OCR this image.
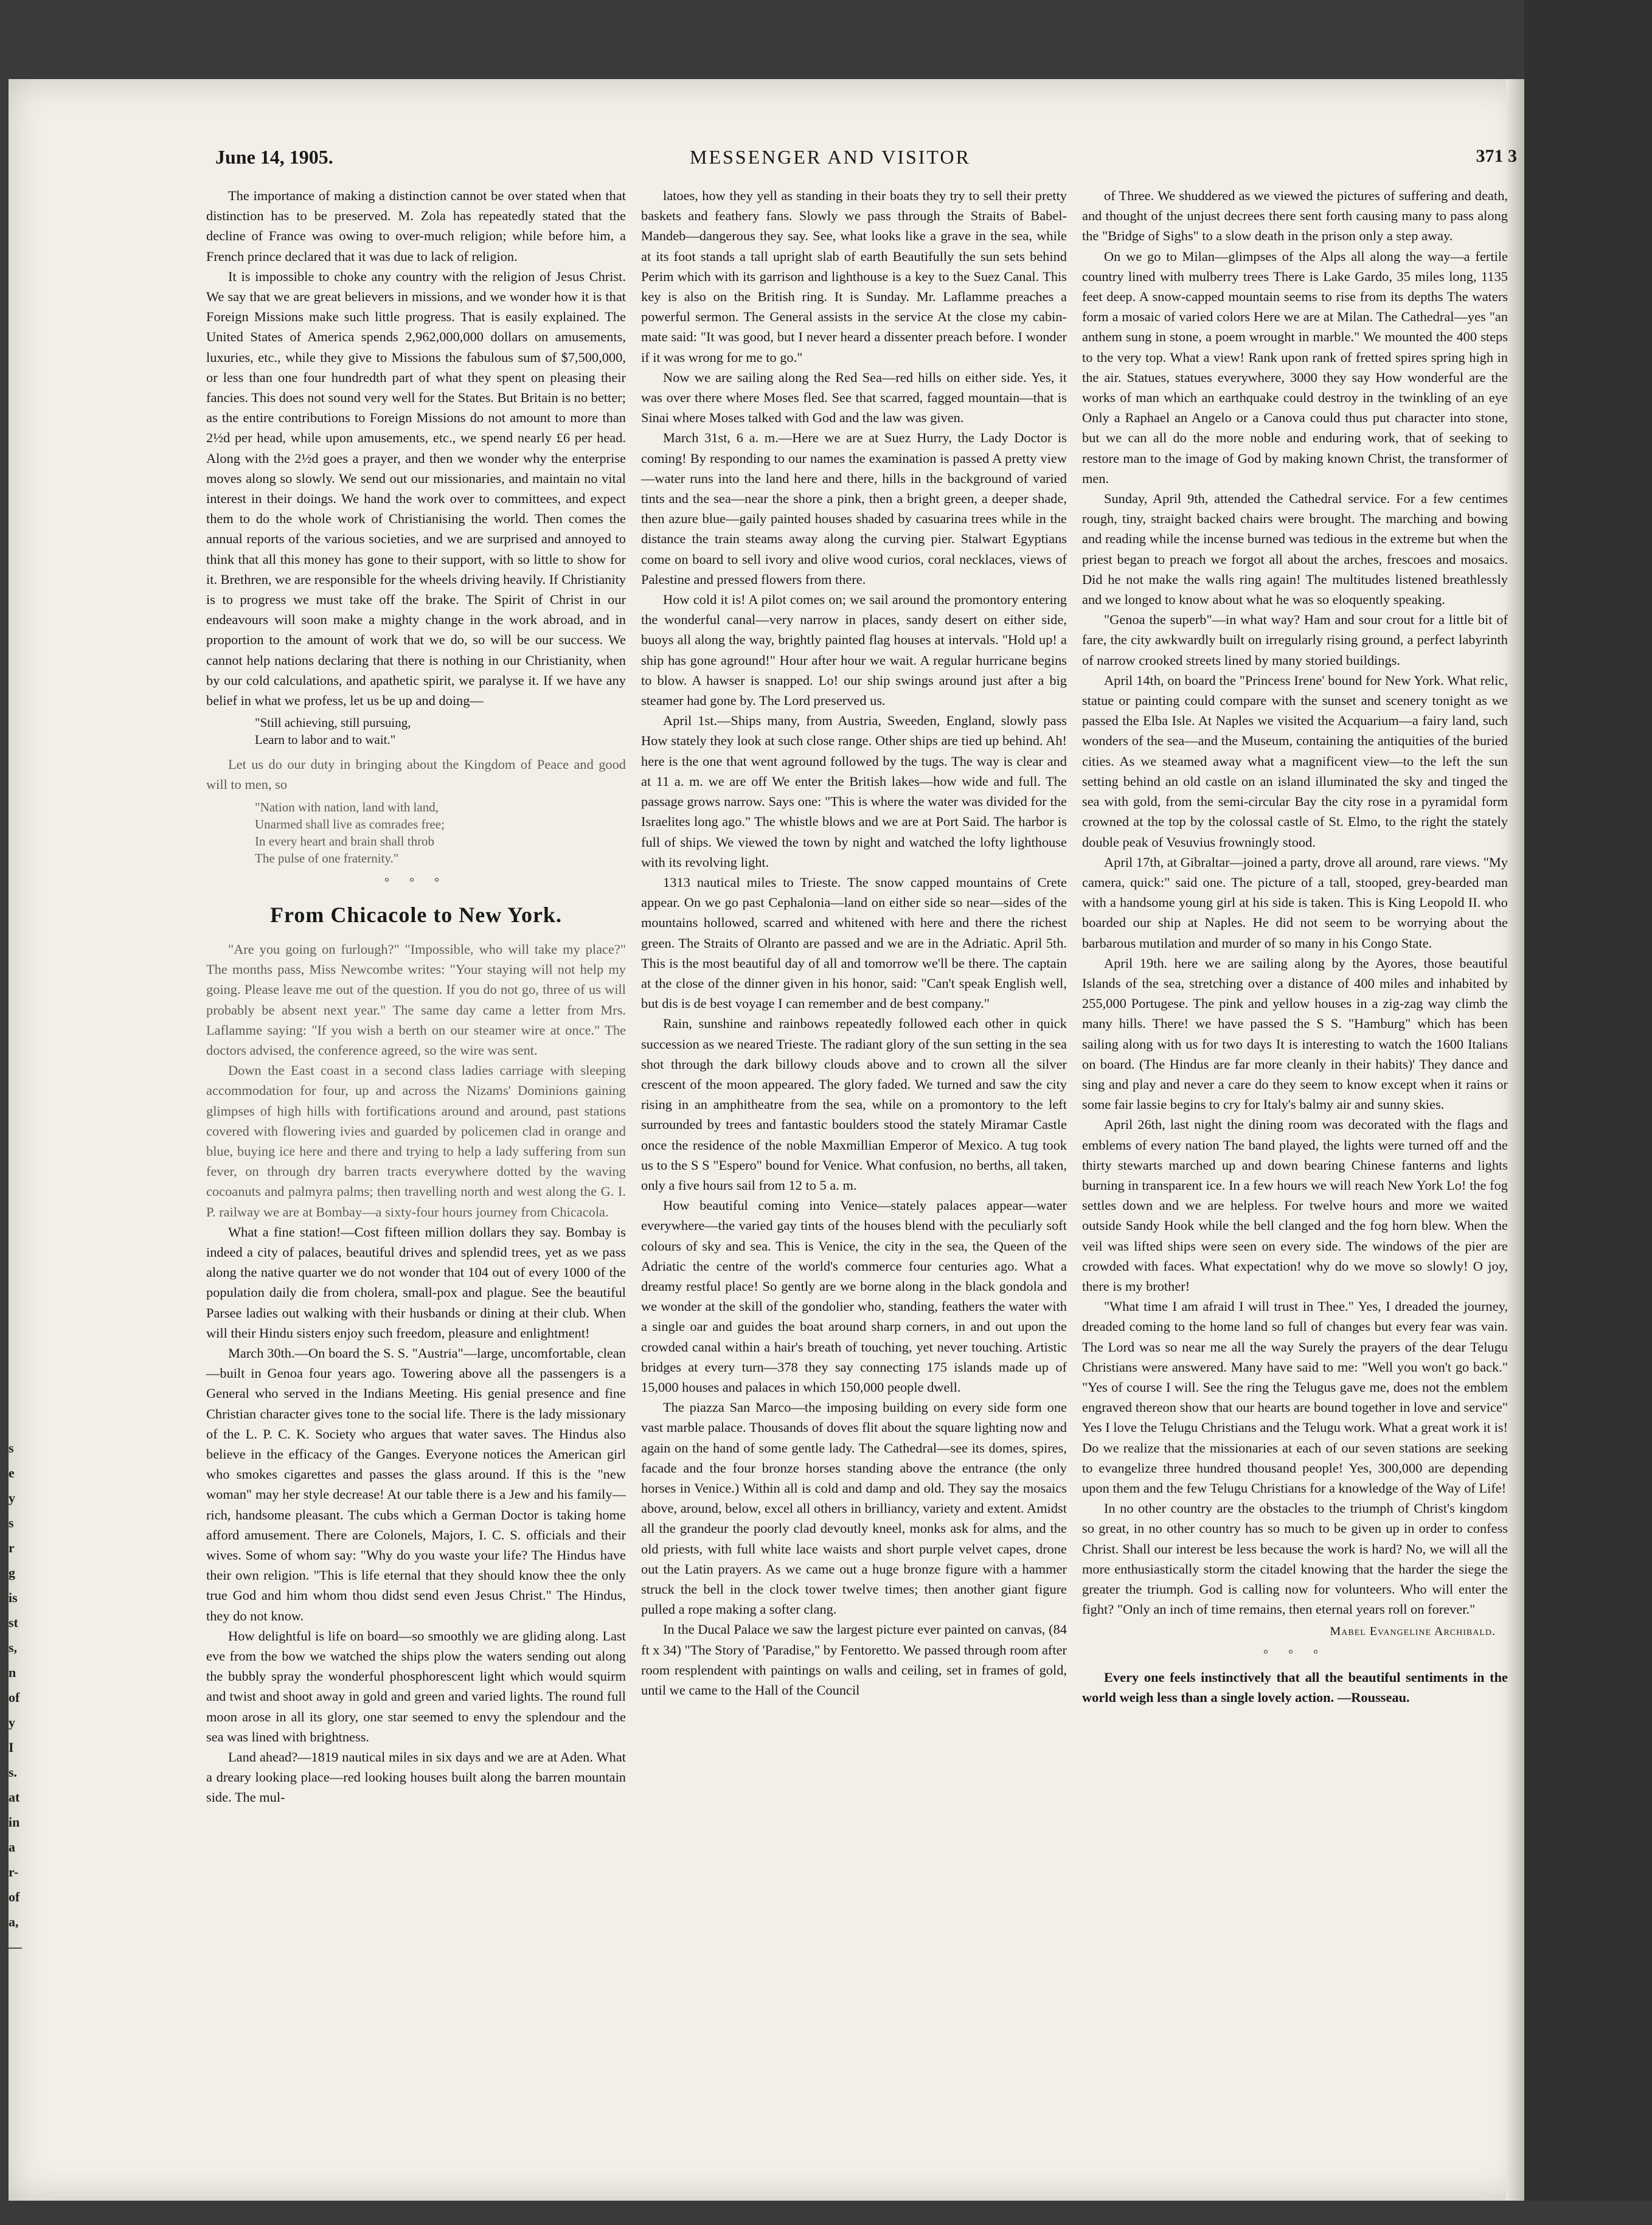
June 14, 1905.	MESSENGER AND VISITOR	371 3

The importance of making a distinction cannot be over stated when that distinction has to be preserved. M. Zola has repeatedly stated that the decline of France was owing to over-much religion; while before him, a French prince declared that it was due to lack of religion.

It is impossible to choke any country with the religion of Jesus Christ. We say that we are great believers in missions, and we wonder how it is that Foreign Missions make such little progress. That is easily explained. The United States of America spends 2,962,000,000 dollars on amusements, luxuries, etc., while they give to Missions the fabulous sum of $7,500,000, or less than one four hundredth part of what they spent on pleasing their fancies. This does not sound very well for the States. But Britain is no better; as the entire contributions to Foreign Missions do not amount to more than 2½d per head, while upon amusements, etc., we spend nearly £6 per head. Along with the 2½d goes a prayer, and then we wonder why the enterprise moves along so slowly. We send out our missionaries, and maintain no vital interest in their doings. We hand the work over to committees, and expect them to do the whole work of Christianising the world. Then comes the annual reports of the various societies, and we are surprised and annoyed to think that all this money has gone to their support, with so little to show for it. Brethren, we are responsible for the wheels driving heavily. If Christianity is to progress we must take off the brake. The Spirit of Christ in our endeavours will soon make a mighty change in the work abroad, and in proportion to the amount of work that we do, so will be our success. We cannot help nations declaring that there is nothing in our Christianity, when by our cold calculations, and apathetic spirit, we paralyse it. If we have any belief in what we profess, let us be up and doing—

"Still achieving, still pursuing,
Learn to labor and to wait."

Let us do our duty in bringing about the Kingdom of Peace and good will to men, so

"Nation with nation, land with land,
Unarmed shall live as comrades free;
In every heart and brain shall throb
The pulse of one fraternity."
° ° °
From Chicacole to New York.

"Are you going on furlough?" "Impossible, who will take my place?" The months pass, Miss Newcombe writes: "Your staying will not help my going. Please leave me out of the question. If you do not go, three of us will probably be absent next year." The same day came a letter from Mrs. Laflamme saying: "If you wish a berth on our steamer wire at once." The doctors advised, the conference agreed, so the wire was sent.

Down the East coast in a second class ladies carriage with sleeping accommodation for four, up and across the Nizams' Dominions gaining glimpses of high hills with fortifications around and around, past stations covered with flowering ivies and guarded by policemen clad in orange and blue, buying ice here and there and trying to help a lady suffering from sun fever, on through dry barren tracts everywhere dotted by the waving cocoanuts and palmyra palms; then travelling north and west along the G. I. P. railway we are at Bombay—a sixty-four hours journey from Chicacola.

What a fine station!—Cost fifteen million dollars they say. Bombay is indeed a city of palaces, beautiful drives and splendid trees, yet as we pass along the native quarter we do not wonder that 104 out of every 1000 of the population daily die from cholera, small-pox and plague. See the beautiful Parsee ladies out walking with their husbands or dining at their club. When will their Hindu sisters enjoy such freedom, pleasure and enlightment!

March 30th.—On board the S. S. "Austria"—large, uncomfortable, clean—built in Genoa four years ago. Towering above all the passengers is a General who served in the Indians Meeting. His genial presence and fine Christian character gives tone to the social life. There is the lady missionary of the L. P. C. K. Society who argues that water saves. The Hindus also believe in the efficacy of the Ganges. Everyone notices the American girl who smokes cigarettes and passes the glass around. If this is the "new woman" may her style decrease! At our table there is a Jew and his family—rich, handsome pleasant. The cubs which a German Doctor is taking home afford amusement. There are Colonels, Majors, I. C. S. officials and their wives. Some of whom say: "Why do you waste your life? The Hindus have their own religion. "This is life eternal that they should know thee the only true God and him whom thou didst send even Jesus Christ." The Hindus, they do not know.

How delightful is life on board—so smoothly we are gliding along. Last eve from the bow we watched the ships plow the waters sending out along the bubbly spray the wonderful phosphorescent light which would squirm and twist and shoot away in gold and green and varied lights. The round full moon arose in all its glory, one star seemed to envy the splendour and the sea was lined with brightness.

Land ahead?—1819 nautical miles in six days and we are at Aden. What a dreary looking place—red looking houses built along the barren mountain side. The mul-

latoes, how they yell as standing in their boats they try to sell their pretty baskets and feathery fans. Slowly we pass through the Straits of Babel-Mandeb—dangerous they say. See, what looks like a grave in the sea, while at its foot stands a tall upright slab of earth Beautifully the sun sets behind Perim which with its garrison and lighthouse is a key to the Suez Canal. This key is also on the British ring. It is Sunday. Mr. Laflamme preaches a powerful sermon. The General assists in the service At the close my cabin-mate said: "It was good, but I never heard a dissenter preach before. I wonder if it was wrong for me to go."

Now we are sailing along the Red Sea—red hills on either side. Yes, it was over there where Moses fled. See that scarred, fagged mountain—that is Sinai where Moses talked with God and the law was given.

March 31st, 6 a. m.—Here we are at Suez Hurry, the Lady Doctor is coming! By responding to our names the examination is passed A pretty view—water runs into the land here and there, hills in the background of varied tints and the sea—near the shore a pink, then a bright green, a deeper shade, then azure blue—gaily painted houses shaded by casuarina trees while in the distance the train steams away along the curving pier. Stalwart Egyptians come on board to sell ivory and olive wood curios, coral necklaces, views of Palestine and pressed flowers from there.

How cold it is! A pilot comes on; we sail around the promontory entering the wonderful canal—very narrow in places, sandy desert on either side, buoys all along the way, brightly painted flag houses at intervals. "Hold up! a ship has gone aground!" Hour after hour we wait. A regular hurricane begins to blow. A hawser is snapped. Lo! our ship swings around just after a big steamer had gone by. The Lord preserved us.

April 1st.—Ships many, from Austria, Sweeden, England, slowly pass How stately they look at such close range. Other ships are tied up behind. Ah! here is the one that went aground followed by the tugs. The way is clear and at 11 a. m. we are off We enter the British lakes—how wide and full. The passage grows narrow. Says one: "This is where the water was divided for the Israelites long ago." The whistle blows and we are at Port Said. The harbor is full of ships. We viewed the town by night and watched the lofty lighthouse with its revolving light.

1313 nautical miles to Trieste. The snow capped mountains of Crete appear. On we go past Cephalonia—land on either side so near—sides of the mountains hollowed, scarred and whitened with here and there the richest green. The Straits of Olranto are passed and we are in the Adriatic. April 5th. This is the most beautiful day of all and tomorrow we'll be there. The captain at the close of the dinner given in his honor, said: "Can't speak English well, but dis is de best voyage I can remember and de best company."

Rain, sunshine and rainbows repeatedly followed each other in quick succession as we neared Trieste. The radiant glory of the sun setting in the sea shot through the dark billowy clouds above and to crown all the silver crescent of the moon appeared. The glory faded. We turned and saw the city rising in an amphitheatre from the sea, while on a promontory to the left surrounded by trees and fantastic boulders stood the stately Miramar Castle once the residence of the noble Maxmillian Emperor of Mexico. A tug took us to the S S "Espero" bound for Venice. What confusion, no berths, all taken, only a five hours sail from 12 to 5 a. m.

How beautiful coming into Venice—stately palaces appear—water everywhere—the varied gay tints of the houses blend with the peculiarly soft colours of sky and sea. This is Venice, the city in the sea, the Queen of the Adriatic the centre of the world's commerce four centuries ago. What a dreamy restful place! So gently are we borne along in the black gondola and we wonder at the skill of the gondolier who, standing, feathers the water with a single oar and guides the boat around sharp corners, in and out upon the crowded canal within a hair's breath of touching, yet never touching. Artistic bridges at every turn—378 they say connecting 175 islands made up of 15,000 houses and palaces in which 150,000 people dwell.

The piazza San Marco—the imposing building on every side form one vast marble palace. Thousands of doves flit about the square lighting now and again on the hand of some gentle lady. The Cathedral—see its domes, spires, facade and the four bronze horses standing above the entrance (the only horses in Venice.) Within all is cold and damp and old. They say the mosaics above, around, below, excel all others in brilliancy, variety and extent. Amidst all the grandeur the poorly clad devoutly kneel, monks ask for alms, and the old priests, with full white lace waists and short purple velvet capes, drone out the Latin prayers. As we came out a huge bronze figure with a hammer struck the bell in the clock tower twelve times; then another giant figure pulled a rope making a softer clang.

In the Ducal Palace we saw the largest picture ever painted on canvas, (84 ft x 34) "The Story of 'Paradise," by Fentoretto. We passed through room after room resplendent with paintings on walls and ceiling, set in frames of gold, until we came to the Hall of the Council

of Three. We shuddered as we viewed the pictures of suffering and death, and thought of the unjust decrees there sent forth causing many to pass along the "Bridge of Sighs" to a slow death in the prison only a step away.

On we go to Milan—glimpses of the Alps all along the way—a fertile country lined with mulberry trees There is Lake Gardo, 35 miles long, 1135 feet deep. A snow-capped mountain seems to rise from its depths The waters form a mosaic of varied colors Here we are at Milan. The Cathedral—yes "an anthem sung in stone, a poem wrought in marble." We mounted the 400 steps to the very top. What a view! Rank upon rank of fretted spires spring high in the air. Statues, statues everywhere, 3000 they say How wonderful are the works of man which an earthquake could destroy in the twinkling of an eye Only a Raphael an Angelo or a Canova could thus put character into stone, but we can all do the more noble and enduring work, that of seeking to restore man to the image of God by making known Christ, the transformer of men.

Sunday, April 9th, attended the Cathedral service. For a few centimes rough, tiny, straight backed chairs were brought. The marching and bowing and reading while the incense burned was tedious in the extreme but when the priest began to preach we forgot all about the arches, frescoes and mosaics. Did he not make the walls ring again! The multitudes listened breathlessly and we longed to know about what he was so eloquently speaking.

"Genoa the superb"—in what way? Ham and sour crout for a little bit of fare, the city awkwardly built on irregularly rising ground, a perfect labyrinth of narrow crooked streets lined by many storied buildings.

April 14th, on board the "Princess Irene' bound for New York. What relic, statue or painting could compare with the sunset and scenery tonight as we passed the Elba Isle. At Naples we visited the Acquarium—a fairy land, such wonders of the sea—and the Museum, containing the antiquities of the buried cities. As we steamed away what a magnificent view—to the left the sun setting behind an old castle on an island illuminated the sky and tinged the sea with gold, from the semi-circular Bay the city rose in a pyramidal form crowned at the top by the colossal castle of St. Elmo, to the right the stately double peak of Vesuvius frowningly stood.

April 17th, at Gibraltar—joined a party, drove all around, rare views. "My camera, quick:" said one. The picture of a tall, stooped, grey-bearded man with a handsome young girl at his side is taken. This is King Leopold II. who boarded our ship at Naples. He did not seem to be worrying about the barbarous mutilation and murder of so many in his Congo State.

April 19th. here we are sailing along by the Ayores, those beautiful Islands of the sea, stretching over a distance of 400 miles and inhabited by 255,000 Portugese. The pink and yellow houses in a zig-zag way climb the many hills. There! we have passed the S S. "Hamburg" which has been sailing along with us for two days It is interesting to watch the 1600 Italians on board. (The Hindus are far more cleanly in their habits)' They dance and sing and play and never a care do they seem to know except when it rains or some fair lassie begins to cry for Italy's balmy air and sunny skies.

April 26th, last night the dining room was decorated with the flags and emblems of every nation The band played, the lights were turned off and the thirty stewarts marched up and down bearing Chinese fanterns and lights burning in transparent ice. In a few hours we will reach New York Lo! the fog settles down and we are helpless. For twelve hours and more we waited outside Sandy Hook while the bell clanged and the fog horn blew. When the veil was lifted ships were seen on every side. The windows of the pier are crowded with faces. What expectation! why do we move so slowly! O joy, there is my brother!

"What time I am afraid I will trust in Thee." Yes, I dreaded the journey, dreaded coming to the home land so full of changes but every fear was vain. The Lord was so near me all the way Surely the prayers of the dear Telugu Christians were answered. Many have said to me: "Well you won't go back." "Yes of course I will. See the ring the Telugus gave me, does not the emblem engraved thereon show that our hearts are bound together in love and service" Yes I love the Telugu Christians and the Telugu work. What a great work it is! Do we realize that the missionaries at each of our seven stations are seeking to evangelize three hundred thousand people! Yes, 300,000 are depending upon them and the few Telugu Christians for a knowledge of the Way of Life!

In no other country are the obstacles to the triumph of Christ's kingdom so great, in no other country has so much to be given up in order to confess Christ. Shall our interest be less because the work is hard? No, we will all the more enthusiastically storm the citadel knowing that the harder the siege the greater the triumph. God is calling now for volunteers. Who will enter the fight? "Only an inch of time remains, then eternal years roll on forever."

Mabel Evangeline Archibald.
° ° °

Every one feels instinctively that all the beautiful sentiments in the world weigh less than a single lovely action. —Rousseau.

s
e
y
s
r
g
is
st
s,
n
of
y
I
s.
at
in
a
r-
of
a,
—
